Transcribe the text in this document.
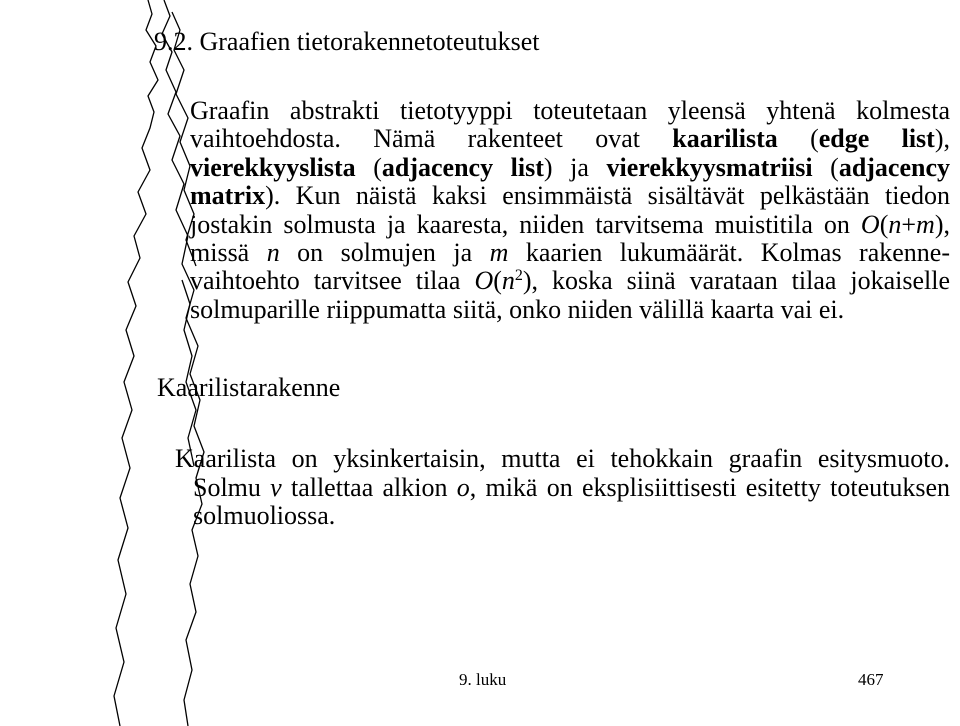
9.2. Graafien tietorakennetoteutukset
Graafin abstrakti tietotyyppi toteutetaan yleensä yhtenä kolmesta
vaihtoehdosta. Nämä rakenteet ovat kaarilista (edge list),
vierekkyyslista (adjacency list) ja vierekkyysmatriisi (adjacency
matrix). Kun näistä kaksi ensimmäistä sisältävät pelkästään tiedon
jostakin solmusta ja kaaresta, niiden tarvitsema muistitila on O(n+m),
missä n on solmujen ja m kaarien lukumäärät. Kolmas rakenne-
vaihtoehto tarvitsee tilaa $O(n^2)$, koska siinä varataan tilaa jokaiselle
solmuparille riippumatta siitä, onko niiden välillä kaarta vai ei.
Kaarilistarakenne
Kaarilista on yksinkertaisin, mutta ei tehokkain graafin esitysmuoto.
Solmu v tallettaa alkion o, mikä on eksplisiittisesti esitetty toteutuksen
solmuoliossa.
9. luku	467
